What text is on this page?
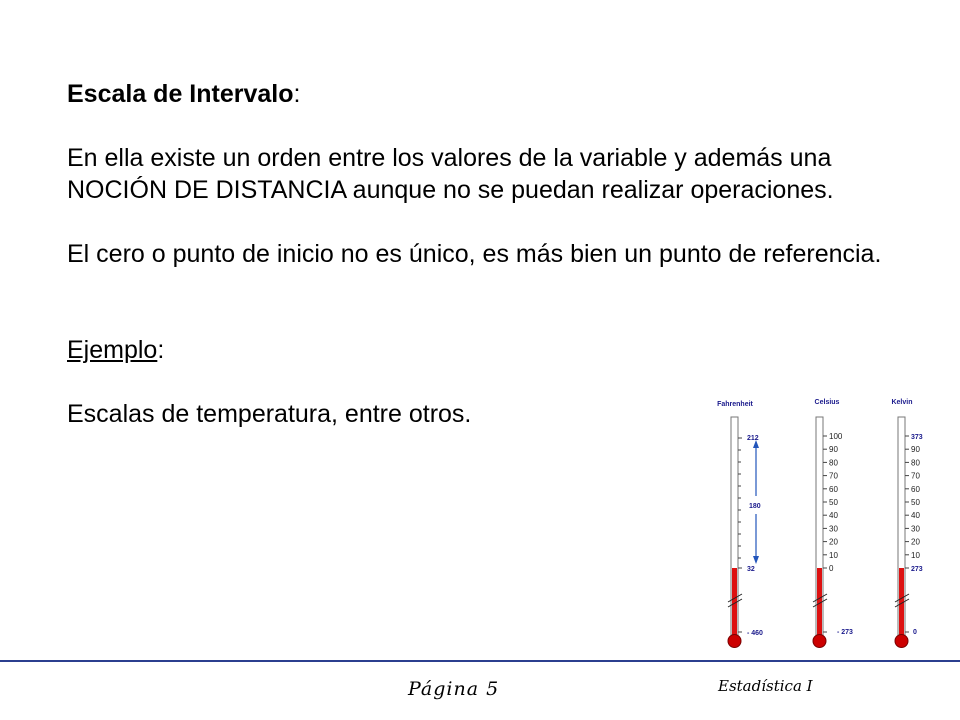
Escala de Intervalo:

En ella existe un orden entre los valores de la variable y además una NOCIÓN DE DISTANCIA aunque no se puedan realizar operaciones.

El cero o punto de inicio no es único, es más bien un punto de referencia.

Ejemplo:

Escalas de temperatura, entre otros.	Fahrenheit
212
180
32
- 460
Celsius
100
90
80
70
60
50
40
30
20
10
0
- 273
Kelvin
373
90
80
70
60
50
40
30
20
10
273
0
Página 5	Estadística I
